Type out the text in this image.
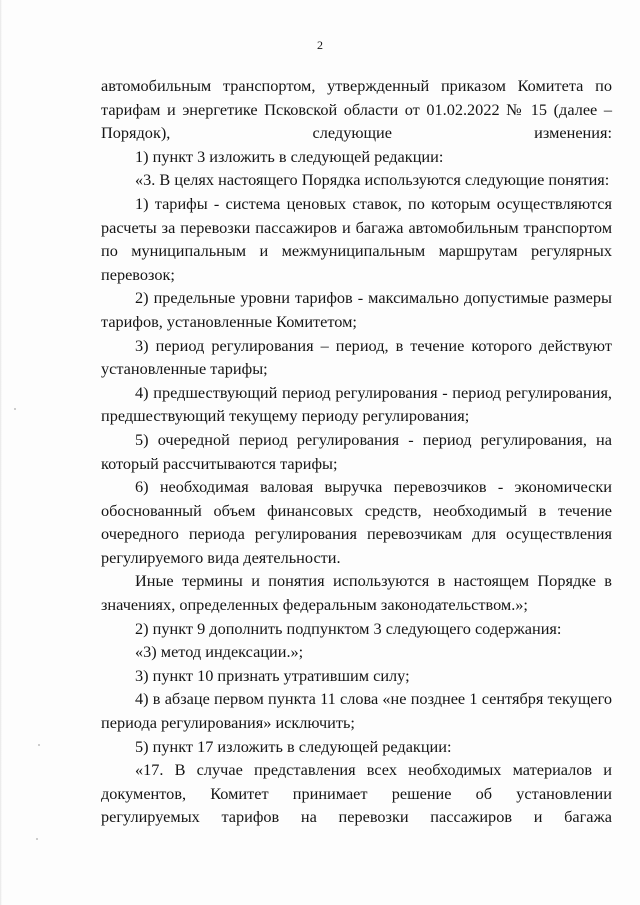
2

автомобильным транспортом, утвержденный приказом Комитета по тарифам и энергетике Псковской области от 01.02.2022 № 15 (далее – Порядок), следующие изменения:

1) пункт 3 изложить в следующей редакции:

«3. В целях настоящего Порядка используются следующие понятия:

1) тарифы - система ценовых ставок, по которым осуществляются расчеты за перевозки пассажиров и багажа автомобильным транспортом по муниципальным и межмуниципальным маршрутам регулярных перевозок;

2) предельные уровни тарифов - максимально допустимые размеры тарифов, установленные Комитетом;

3) период регулирования – период, в течение которого действуют установленные тарифы;

4) предшествующий период регулирования - период регулирования, предшествующий текущему периоду регулирования;

5) очередной период регулирования - период регулирования, на который рассчитываются тарифы;

6) необходимая валовая выручка перевозчиков - экономически обоснованный объем финансовых средств, необходимый в течение очередного периода регулирования перевозчикам для осуществления регулируемого вида деятельности.

Иные термины и понятия используются в настоящем Порядке в значениях, определенных федеральным законодательством.»;

2) пункт 9 дополнить подпунктом 3 следующего содержания:

«3) метод индексации.»;

3) пункт 10 признать утратившим силу;

4) в абзаце первом пункта 11 слова «не позднее 1 сентября текущего периода регулирования» исключить;

5) пункт 17 изложить в следующей редакции:

«17. В случае представления всех необходимых материалов и документов, Комитет принимает решение об установлении регулируемых тарифов на перевозки пассажиров и багажа
